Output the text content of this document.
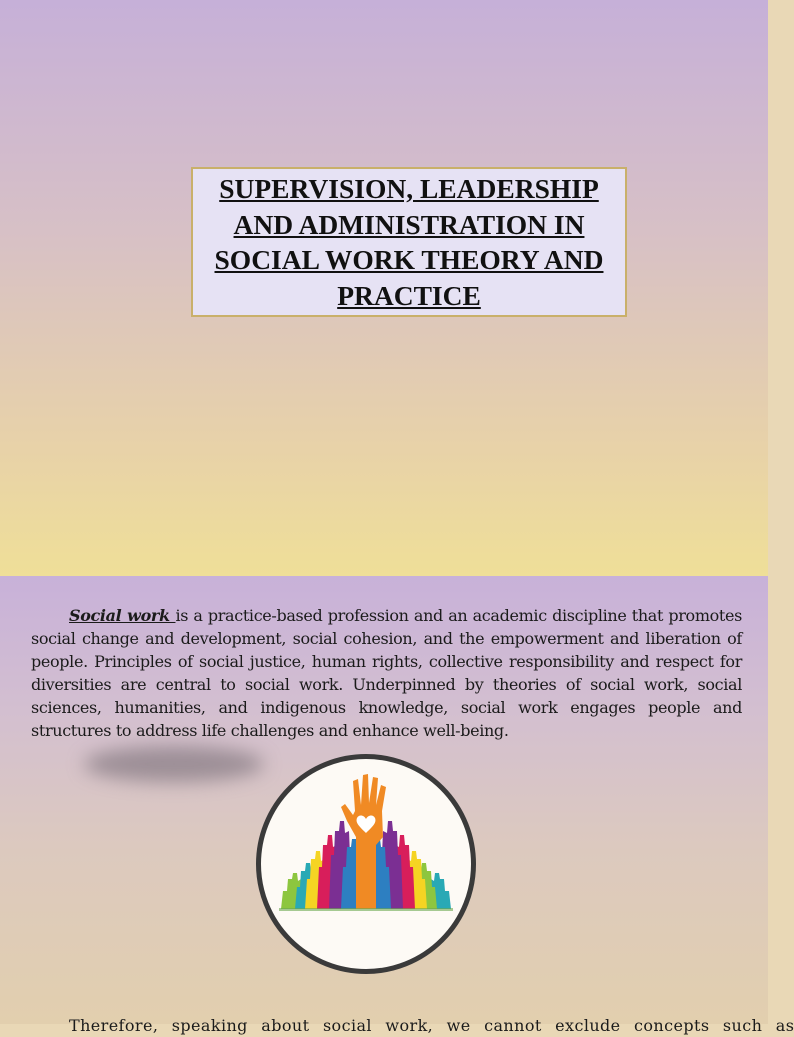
SUPERVISION, LEADERSHIP AND ADMINISTRATION IN SOCIAL WORK THEORY AND PRACTICE

Social work is a practice-based profession and an academic discipline that promotes social change and development, social cohesion, and the empowerment and liberation of people. Principles of social justice, human rights, collective responsibility and respect for diversities are central to social work. Underpinned by theories of social work, social sciences, humanities, and indigenous knowledge, social work engages people and structures to address life challenges and enhance well-being.

Therefore, speaking about social work, we cannot exclude concepts such as
